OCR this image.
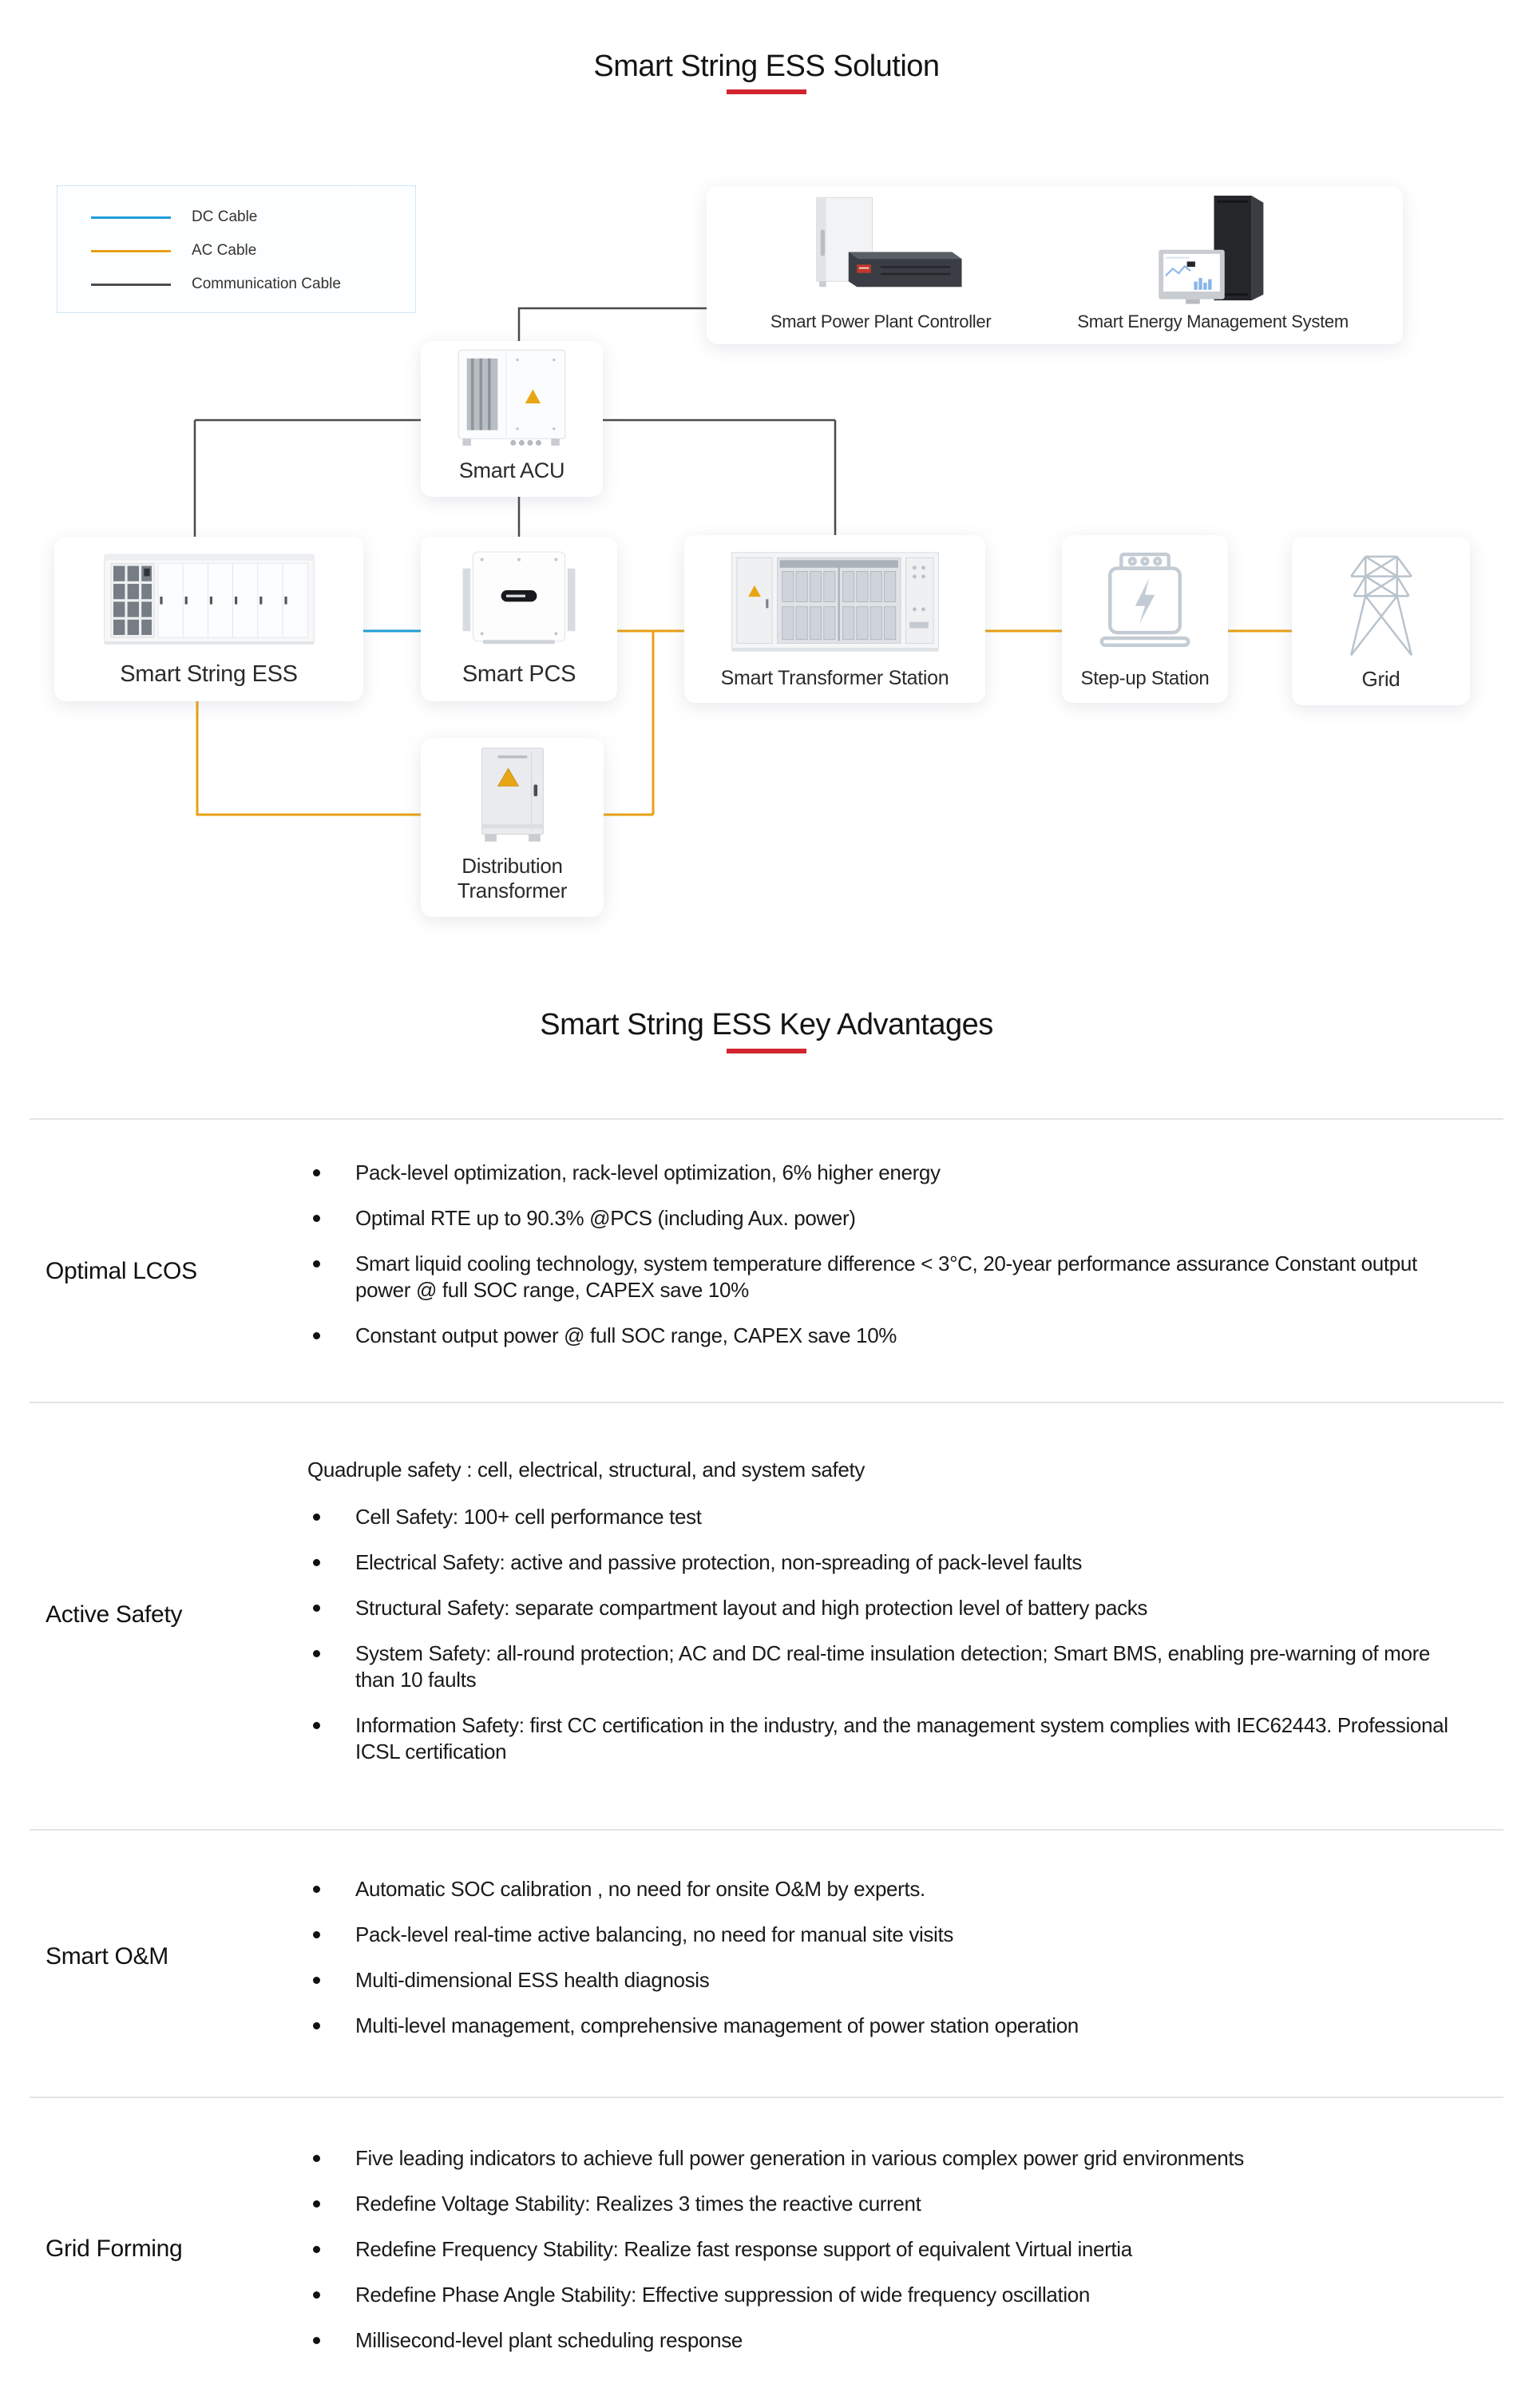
Smart String ESS Solution
DC Cable
AC Cable
Communication Cable
Smart Power Plant Controller	Smart Energy Management System
Smart ACU
Smart String ESS	Smart PCS	Smart Transformer Station	Step-up Station	Grid
Distribution Transformer
Smart String ESS Key Advantages
Optimal LCOS
Pack-level optimization, rack-level optimization, 6% higher energy
Optimal RTE up to 90.3% @PCS (including Aux. power)
Smart liquid cooling technology, system temperature difference < 3°C, 20-year performance assurance Constant output power @ full SOC range, CAPEX save 10%
Constant output power @ full SOC range, CAPEX save 10%
Active Safety
Quadruple safety : cell, electrical, structural, and system safety
Cell Safety: 100+ cell performance test
Electrical Safety: active and passive protection, non-spreading of pack-level faults
Structural Safety: separate compartment layout and high protection level of battery packs
System Safety: all-round protection; AC and DC real-time insulation detection; Smart BMS, enabling pre-warning of more than 10 faults
Information Safety: first CC certification in the industry, and the management system complies with IEC62443. Professional ICSL certification
Smart O&M
Automatic SOC calibration , no need for onsite O&M by experts.
Pack-level real-time active balancing, no need for manual site visits
Multi-dimensional ESS health diagnosis
Multi-level management, comprehensive management of power station operation
Grid Forming
Five leading indicators to achieve full power generation in various complex power grid environments
Redefine Voltage Stability: Realizes 3 times the reactive current
Redefine Frequency Stability: Realize fast response support of equivalent Virtual inertia
Redefine Phase Angle Stability: Effective suppression of wide frequency oscillation
Millisecond-level plant scheduling response
